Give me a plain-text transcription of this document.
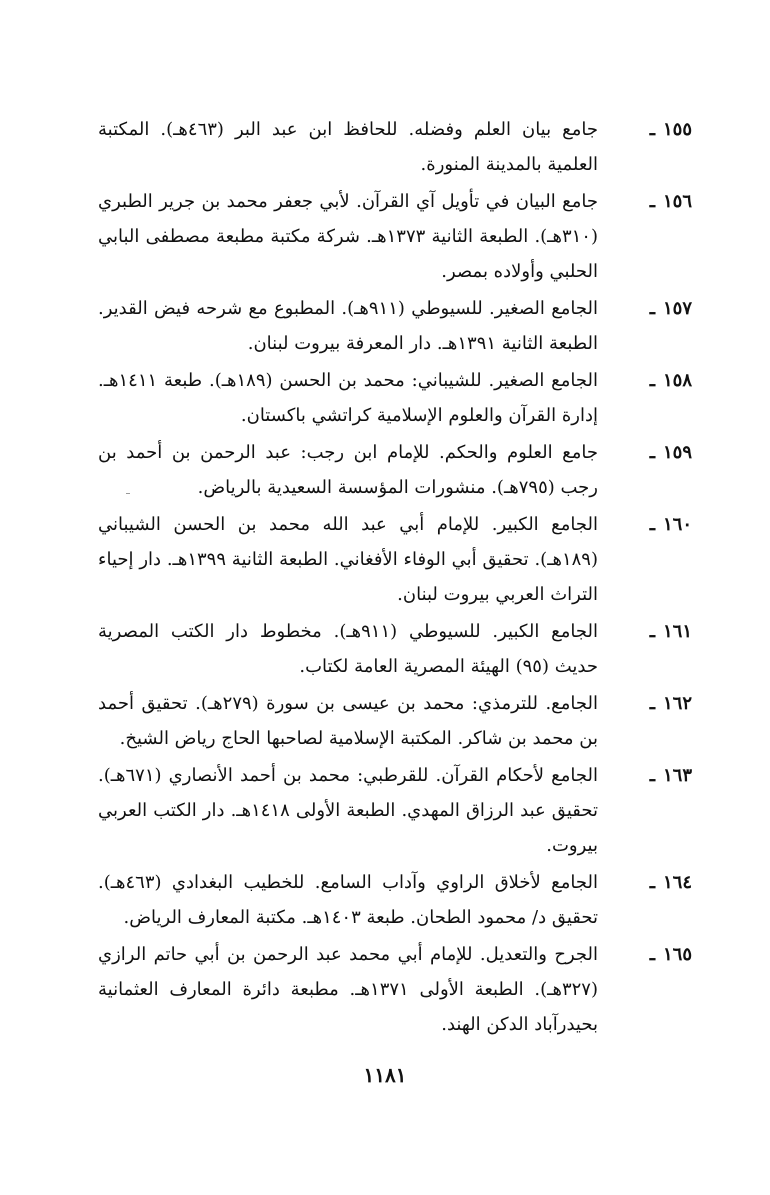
١٥٥ـ
جامع بيان العلم وفضله. للحافظ ابن عبد البر (٤٦٣هـ). المكتبة العلمية بالمدينة المنورة.
١٥٦ـ
جامع البيان في تأويل آي القرآن. لأبي جعفر محمد بن جرير الطبري (٣١٠هـ). الطبعة الثانية ١٣٧٣هـ. شركة مكتبة مطبعة مصطفى البابي الحلبي وأولاده بمصر.
١٥٧ـ
الجامع الصغير. للسيوطي (٩١١هـ). المطبوع مع شرحه فيض القدير. الطبعة الثانية ١٣٩١هـ. دار المعرفة بيروت لبنان.
١٥٨ـ
الجامع الصغير. للشيباني: محمد بن الحسن (١٨٩هـ). طبعة ١٤١١هـ. إدارة القرآن والعلوم الإسلامية كراتشي باكستان.
١٥٩ـ
جامع العلوم والحكم. للإمام ابن رجب: عبد الرحمن بن أحمد بن رجب (٧٩٥هـ). منشورات المؤسسة السعيدية بالرياض.
١٦٠ـ
الجامع الكبير. للإمام أبي عبد الله محمد بن الحسن الشيباني (١٨٩هـ). تحقيق أبي الوفاء الأفغاني. الطبعة الثانية ١٣٩٩هـ. دار إحياء التراث العربي بيروت لبنان.
١٦١ـ
الجامع الكبير. للسيوطي (٩١١هـ). مخطوط دار الكتب المصرية حديث (٩٥) الهيئة المصرية العامة لكتاب.
١٦٢ـ
الجامع. للترمذي: محمد بن عيسى بن سورة (٢٧٩هـ). تحقيق أحمد بن محمد بن شاكر. المكتبة الإسلامية لصاحبها الحاج رياض الشيخ.
١٦٣ـ
الجامع لأحكام القرآن. للقرطبي: محمد بن أحمد الأنصاري (٦٧١هـ). تحقيق عبد الرزاق المهدي. الطبعة الأولى ١٤١٨هـ. دار الكتب العربي بيروت.
١٦٤ـ
الجامع لأخلاق الراوي وآداب السامع. للخطيب البغدادي (٤٦٣هـ). تحقيق د/ محمود الطحان. طبعة ١٤٠٣هـ. مكتبة المعارف الرياض.
١٦٥ـ
الجرح والتعديل. للإمام أبي محمد عبد الرحمن بن أبي حاتم الرازي (٣٢٧هـ). الطبعة الأولى ١٣٧١هـ. مطبعة دائرة المعارف العثمانية بحيدرآباد الدكن الهند.
١١٨١
